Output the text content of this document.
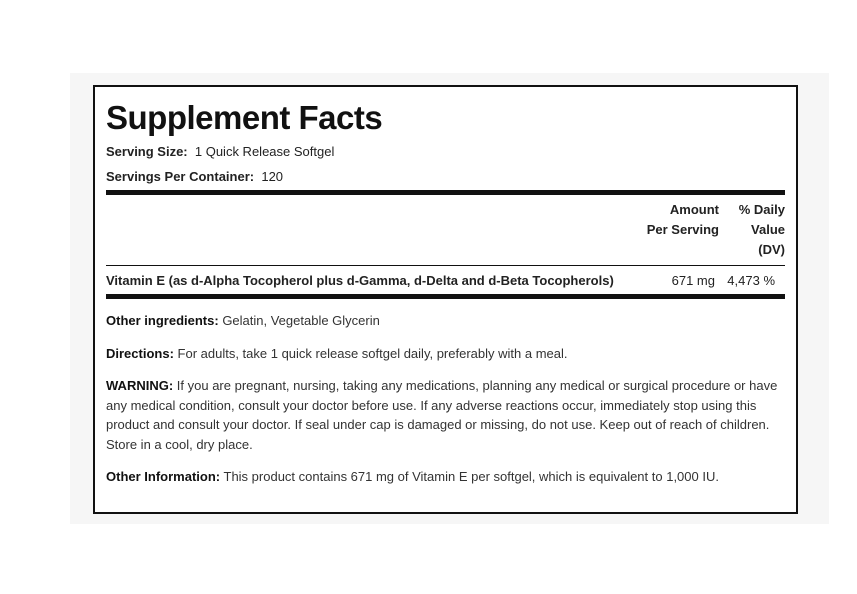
Supplement Facts
Serving Size: 1 Quick Release Softgel
Servings Per Container: 120
Amount
Per Serving
% Daily
Value
(DV)
Vitamin E (as d-Alpha Tocopherol plus d-Gamma, d-Delta and d-Beta Tocopherols)	671 mg 4,473 %
Other ingredients: Gelatin, Vegetable Glycerin
Directions: For adults, take 1 quick release softgel daily, preferably with a meal.
WARNING: If you are pregnant, nursing, taking any medications, planning any medical or surgical procedure or have any medical condition, consult your doctor before use. If any adverse reactions occur, immediately stop using this product and consult your doctor. If seal under cap is damaged or missing, do not use. Keep out of reach of children. Store in a cool, dry place.
Other Information: This product contains 671 mg of Vitamin E per softgel, which is equivalent to 1,000 IU.
